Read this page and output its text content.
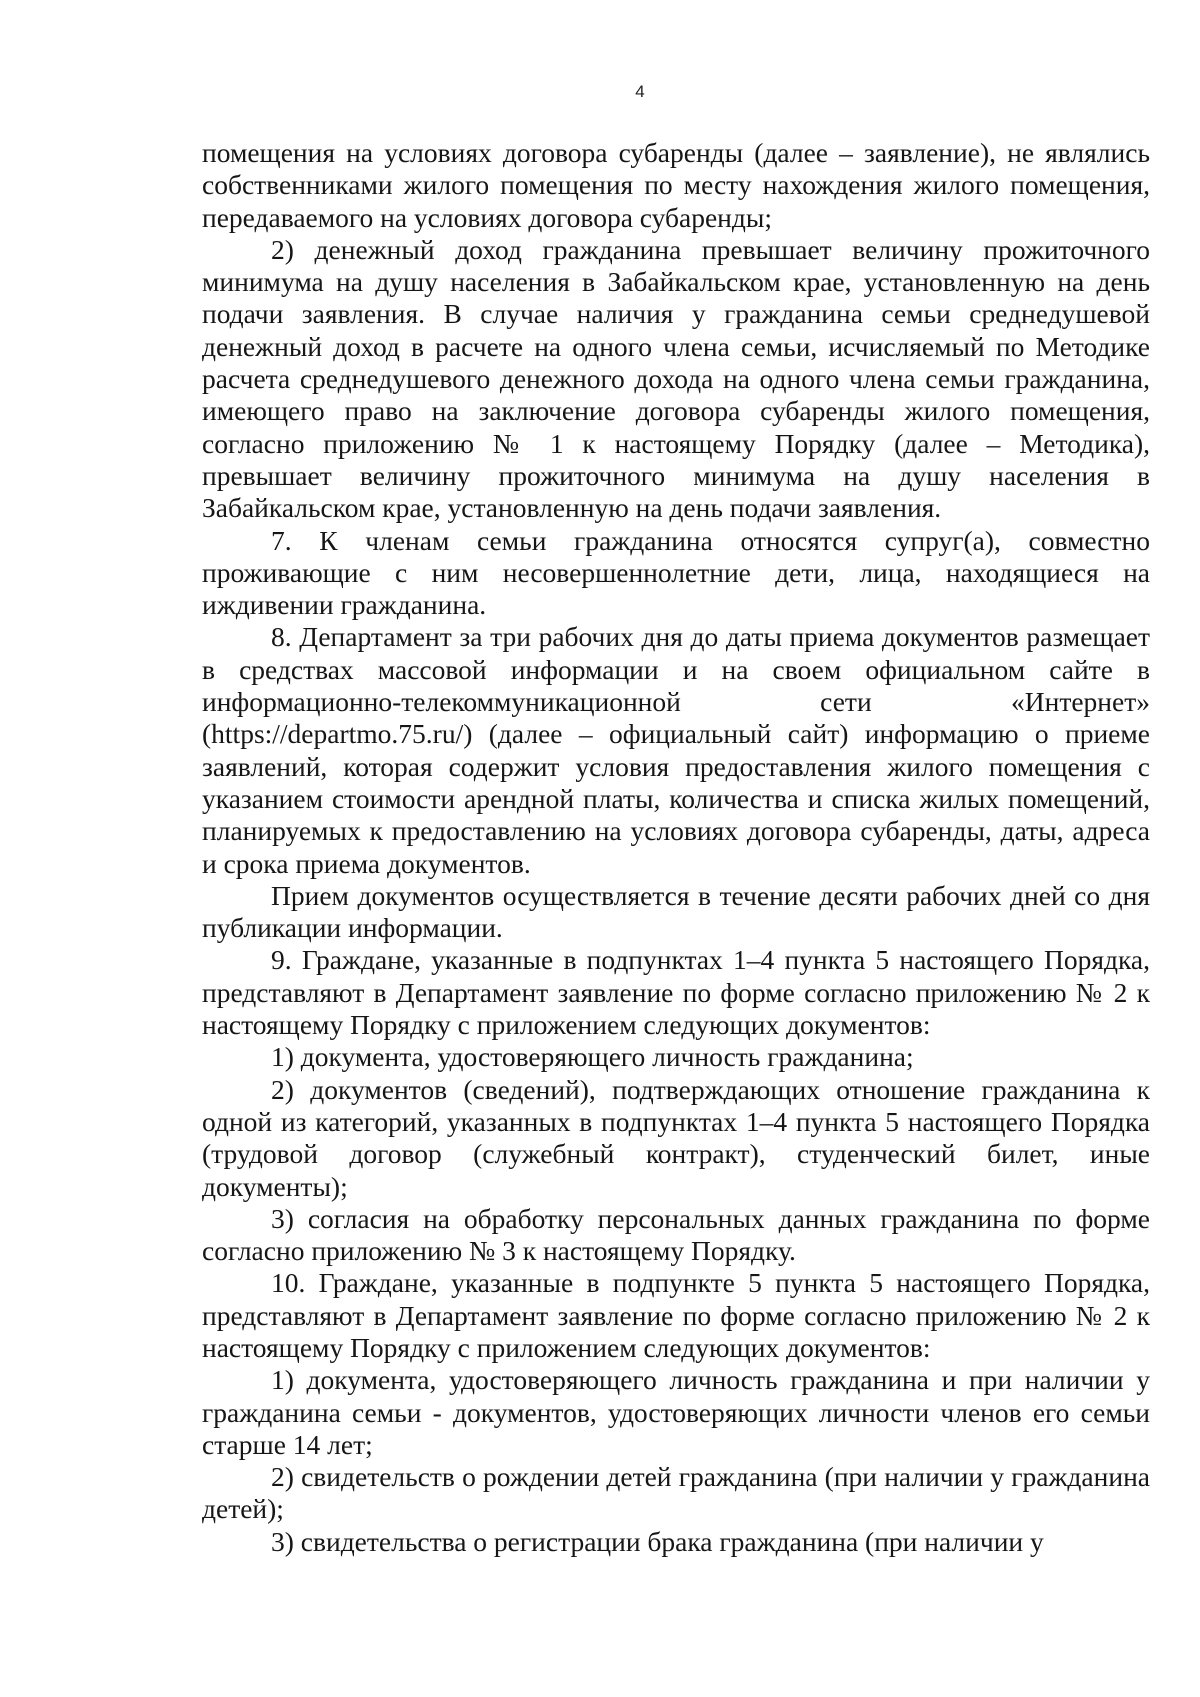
4

помещения на условиях договора субаренды (далее – заявление), не являлись собственниками жилого помещения по месту нахождения жилого помещения, передаваемого на условиях договора субаренды;

2) денежный доход гражданина превышает величину прожиточного минимума на душу населения в Забайкальском крае, установленную на день подачи заявления. В случае наличия у гражданина семьи среднедушевой денежный доход в расчете на одного члена семьи, исчисляемый по Методике расчета среднедушевого денежного дохода на одного члена семьи гражданина, имеющего право на заключение договора субаренды жилого помещения, согласно приложению № 1 к настоящему Порядку (далее – Методика), превышает величину прожиточного минимума на душу населения в Забайкальском крае, установленную на день подачи заявления.

7. К членам семьи гражданина относятся супруг(а), совместно проживающие с ним несовершеннолетние дети, лица, находящиеся на иждивении гражданина.

8. Департамент за три рабочих дня до даты приема документов размещает в средствах массовой информации и на своем официальном сайте в информационно-телекоммуникационной сети «Интернет» (https://departmo.75.ru/) (далее – официальный сайт) информацию о приеме заявлений, которая содержит условия предоставления жилого помещения с указанием стоимости арендной платы, количества и списка жилых помещений, планируемых к предоставлению на условиях договора субаренды, даты, адреса и срока приема документов.

Прием документов осуществляется в течение десяти рабочих дней со дня публикации информации.

9. Граждане, указанные в подпунктах 1–4 пункта 5 настоящего Порядка, представляют в Департамент заявление по форме согласно приложению № 2 к настоящему Порядку с приложением следующих документов:

1) документа, удостоверяющего личность гражданина;

2) документов (сведений), подтверждающих отношение гражданина к одной из категорий, указанных в подпунктах 1–4 пункта 5 настоящего Порядка (трудовой договор (служебный контракт), студенческий билет, иные документы);

3) согласия на обработку персональных данных гражданина по форме согласно приложению № 3 к настоящему Порядку.

10. Граждане, указанные в подпункте 5 пункта 5 настоящего Порядка, представляют в Департамент заявление по форме согласно приложению № 2 к настоящему Порядку с приложением следующих документов:

1) документа, удостоверяющего личность гражданина и при наличии у гражданина семьи - документов, удостоверяющих личности членов его семьи старше 14 лет;

2) свидетельств о рождении детей гражданина (при наличии у гражданина детей);

3) свидетельства о регистрации брака гражданина (при наличии у
